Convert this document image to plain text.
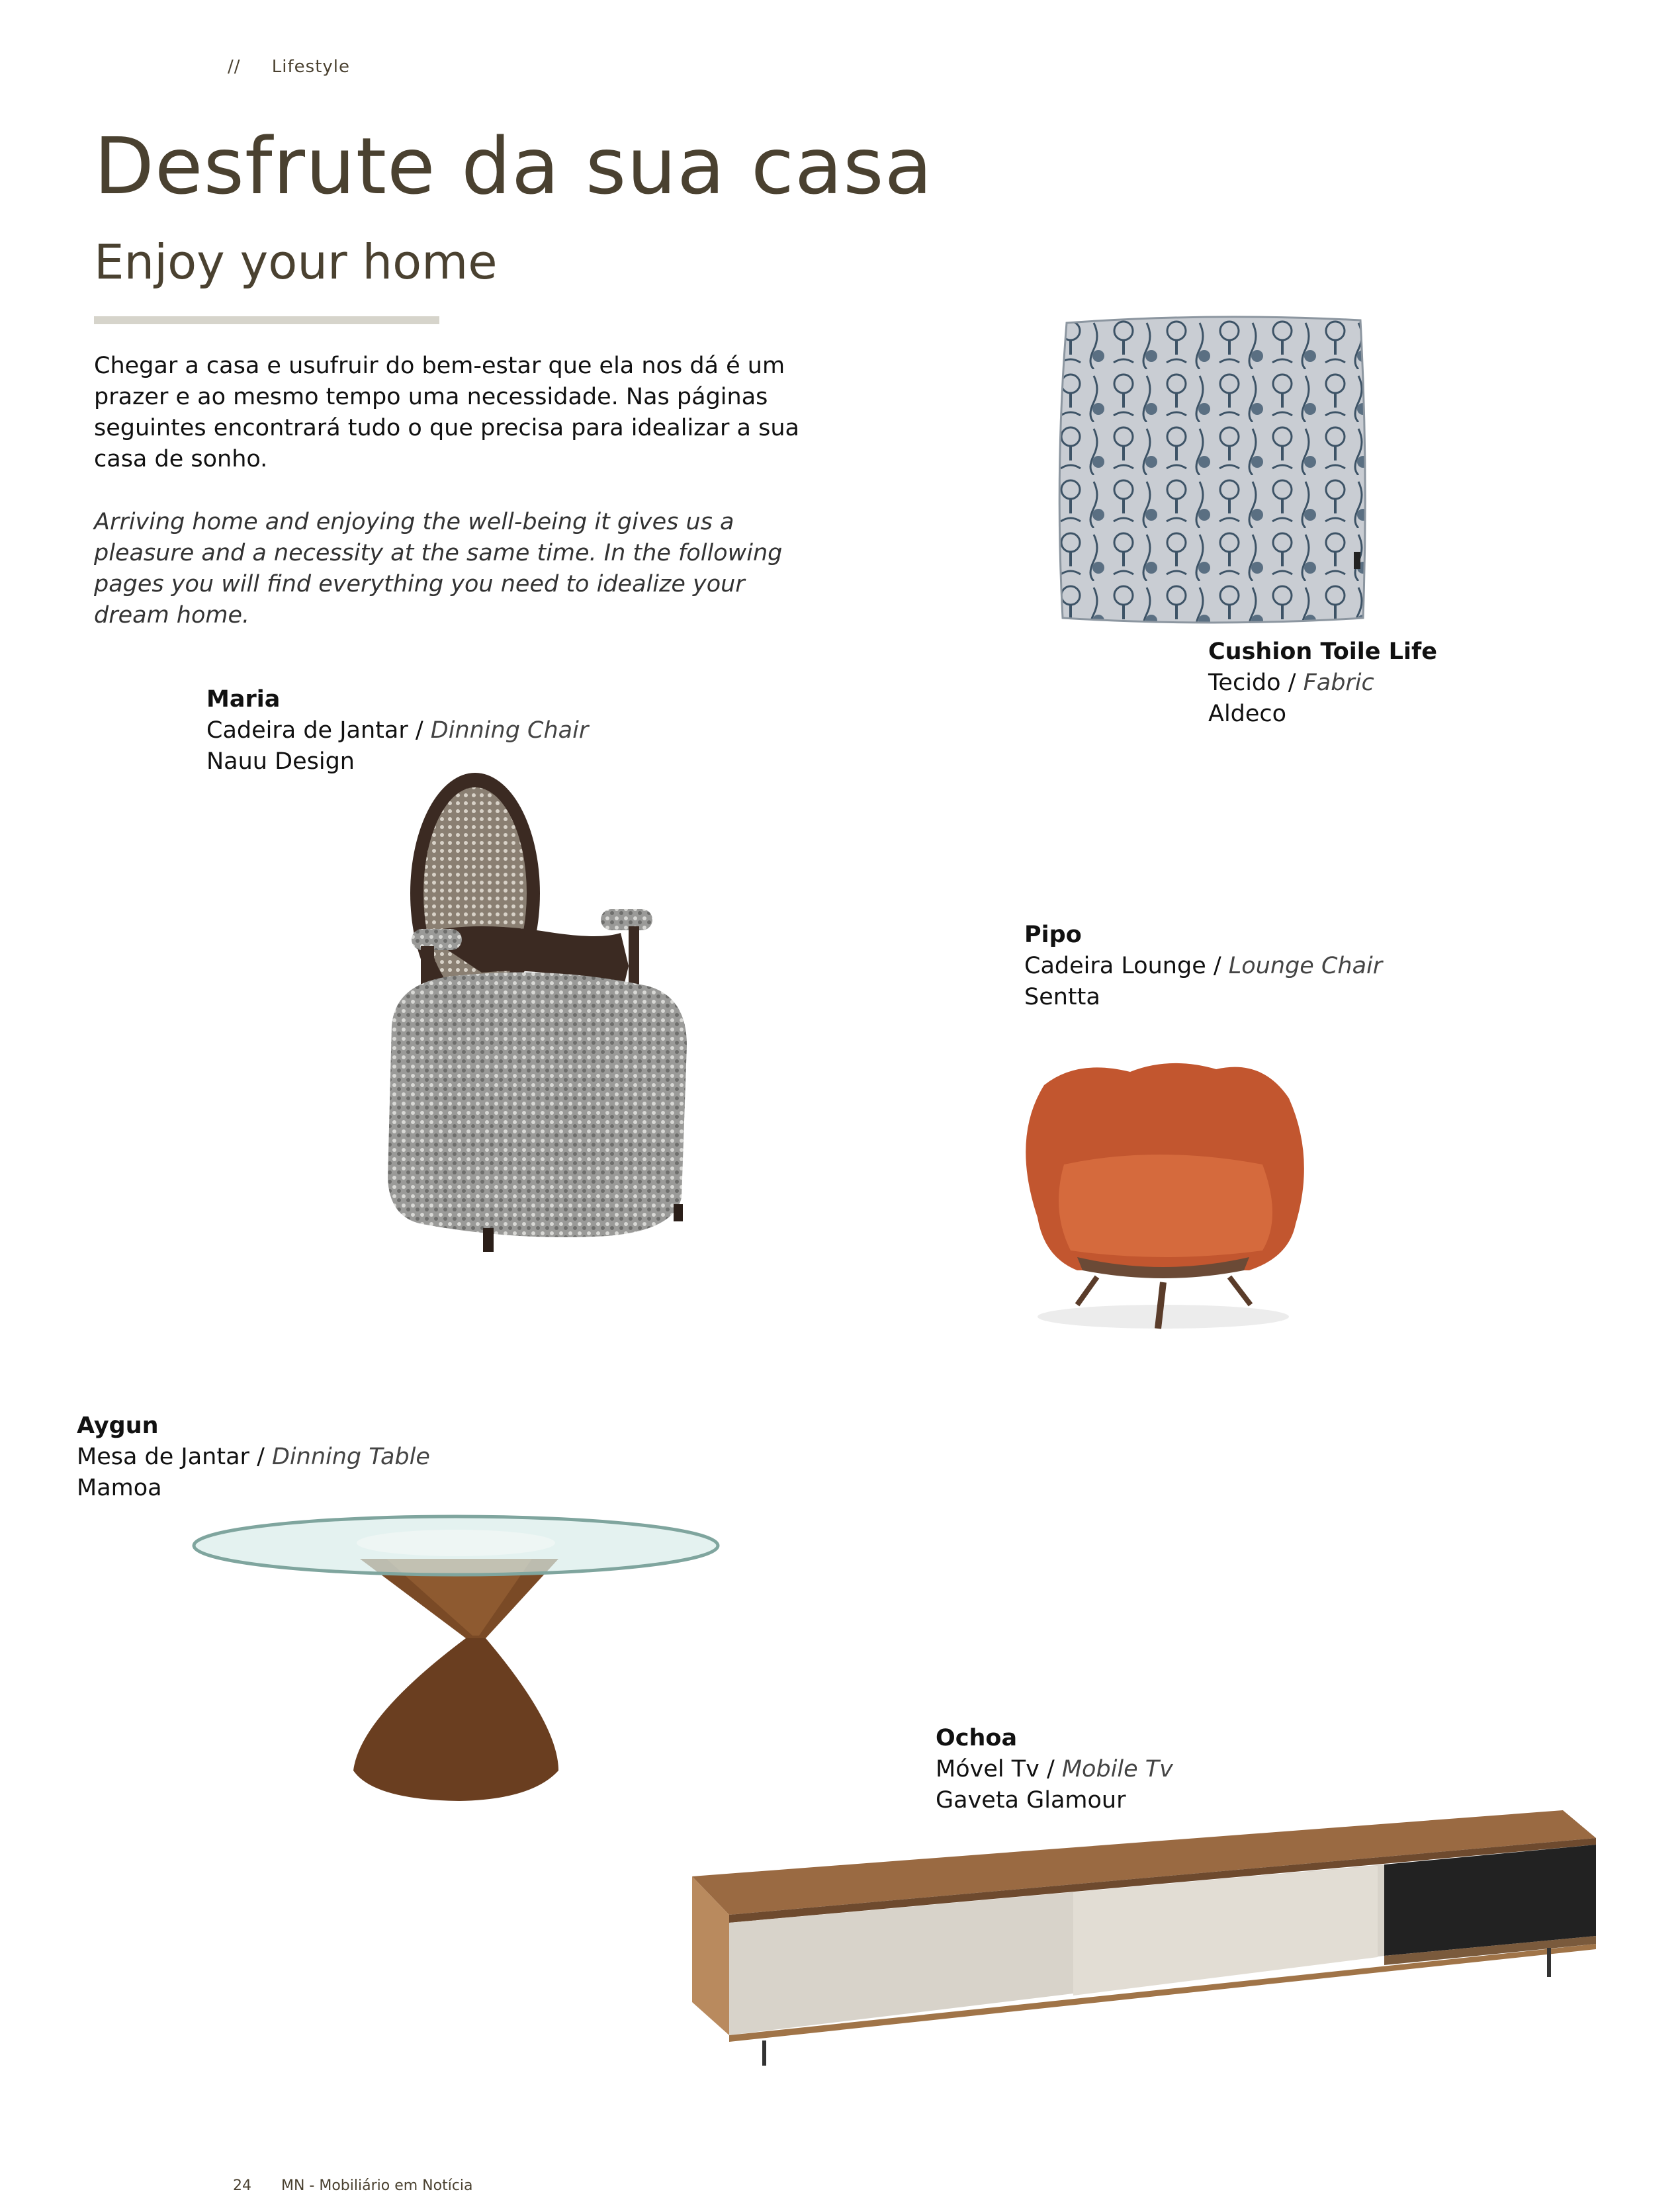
// Lifestyle
Desfrute da sua casa
Enjoy your home

Chegar a casa e usufruir do bem-estar que ela nos dá é um prazer e ao mesmo tempo uma necessidade. Nas páginas seguintes encontrará tudo o que precisa para idealizar a sua casa de sonho.

Arriving home and enjoying the well-being it gives us a pleasure and a necessity at the same time. In the following pages you will find everything you need to idealize your dream home.

Cushion Toile Life
Tecido / Fabric
Aldeco
Maria
Cadeira de Jantar / Dinning Chair
Nauu Design
Pipo
Cadeira Lounge / Lounge Chair
Sentta
Aygun
Mesa de Jantar / Dinning Table
Mamoa
Ochoa
Móvel Tv / Mobile Tv
Gaveta Glamour
24 MN - Mobiliário em Notícia
